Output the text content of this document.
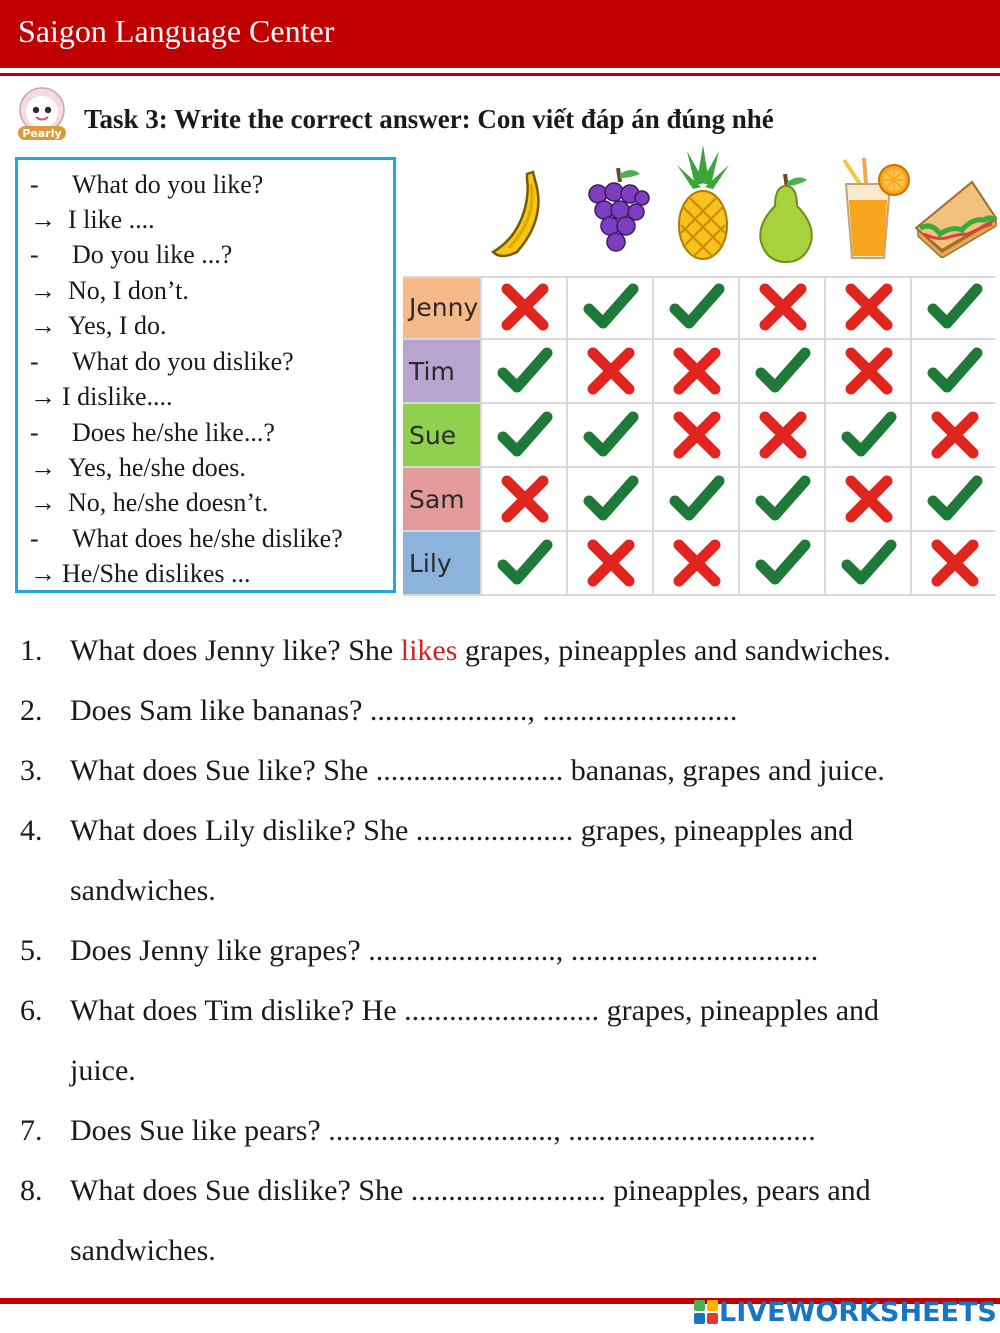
Saigon Language Center
Pearly Task 3: Write the correct answer: Con viết đáp án đúng nhé
- What do you like?
→ I like ....
- Do you like ...?
→ No, I don’t.
→ Yes, I do.
- What do you dislike?
→ I dislike....
- Does he/she like...?
→ Yes, he/she does.
→ No, he/she doesn’t.
- What does he/she dislike?
→ He/She dislikes ...
Jenny
Tim
Sue
Sam
Lily
1. What does Jenny like? She likes grapes, pineapples and sandwiches.
2. Does Sam like bananas? ....................., ..........................
3. What does Sue like? She ......................... bananas, grapes and juice.
4. What does Lily dislike? She ..................... grapes, pineapples and
sandwiches.
5. Does Jenny like grapes? ........................., .................................
6. What does Tim dislike? He .......................... grapes, pineapples and
juice.
7. Does Sue like pears? .............................., .................................
8. What does Sue dislike? She .......................... pineapples, pears and
sandwiches.
LIVEWORKSHEETS
